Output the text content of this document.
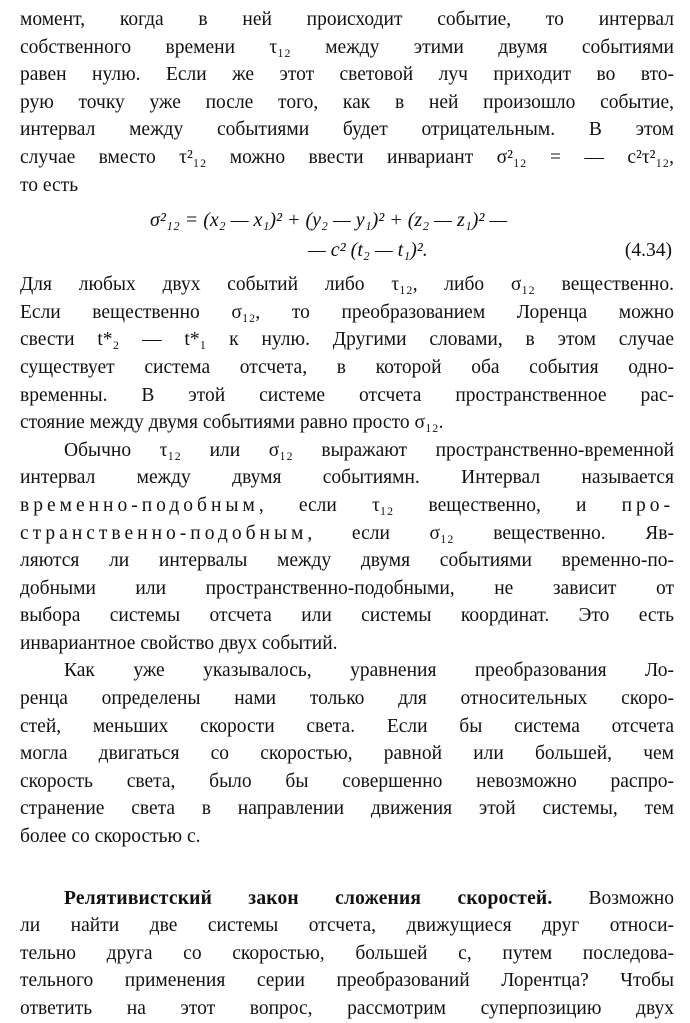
момент, когда в ней происходит событие, то интервал
собственного времени τ₁₂ между этими двумя событиями
равен нулю. Если же этот световой луч приходит во вто-
рую точку уже после того, как в ней произошло событие,
интервал между событиями будет отрицательным. В этом
случае вместо τ²₁₂ можно ввести инвариант σ²₁₂ = — c²τ²₁₂,
то есть
σ²₁₂ = (x₂ — x₁)² + (y₂ — y₁)² + (z₂ — z₁)² —
— c² (t₂ — t₁)².	(4.34)
Для любых двух событий либо τ₁₂, либо σ₁₂ вещественно.
Если вещественно σ₁₂, то преобразованием Лоренца можно
свести t*₂ — t*₁ к нулю. Другими словами, в этом случае
существует система отсчета, в которой оба события одно-
временны. В этой системе отсчета пространственное рас-
стояние между двумя событиями равно просто σ₁₂.
Обычно τ₁₂ или σ₁₂ выражают пространственно-временной
интервал между двумя событиямн. Интервал называется
временно-подобным, если τ₁₂ вещественно, и про-
странственно-подобным, если σ₁₂ вещественно. Яв-
ляются ли интервалы между двумя событиями временно-по-
добными или пространственно-подобными, не зависит от
выбора системы отсчета или системы координат. Это есть
инвариантное свойство двух событий.
Как уже указывалось, уравнения преобразования Ло-
ренца определены нами только для относительных скоро-
стей, меньших скорости света. Если бы система отсчета
могла двигаться со скоростью, равной или большей, чем
скорость света, было бы совершенно невозможно распро-
странение света в направлении движения этой системы, тем
более со скоростью c.
Релятивистский закон сложения скоростей. Возможно
ли найти две системы отсчета, движущиеся друг относи-
тельно друга со скоростью, большей c, путем последова-
тельного применения серии преобразований Лорентца? Чтобы
ответить на этот вопрос, рассмотрим суперпозицию двух
